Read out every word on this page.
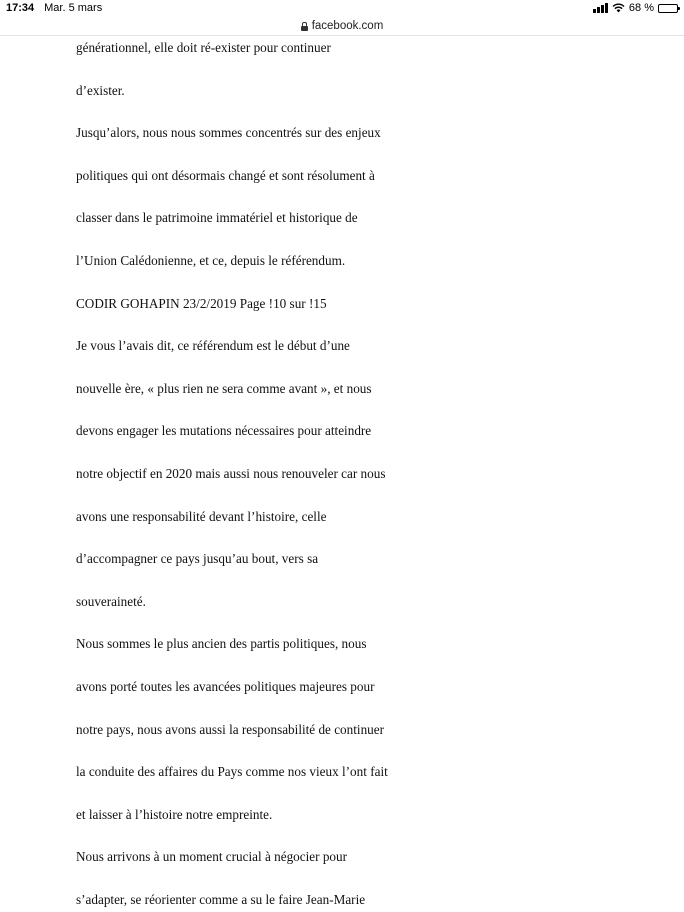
17:34 Mar. 5 mars	68 %
facebook.com
générationnel, elle doit ré-exister pour continuer
d’exister.
Jusqu’alors, nous nous sommes concentrés sur des enjeux
politiques qui ont désormais changé et sont résolument à
classer dans le patrimoine immatériel et historique de
l’Union Calédonienne, et ce, depuis le référendum.
CODIR GOHAPIN 23/2/2019 Page !10 sur !15
Je vous l’avais dit, ce référendum est le début d’une
nouvelle ère, « plus rien ne sera comme avant », et nous
devons engager les mutations nécessaires pour atteindre
notre objectif en 2020 mais aussi nous renouveler car nous
avons une responsabilité devant l’histoire, celle
d’accompagner ce pays jusqu’au bout, vers sa
souveraineté.
Nous sommes le plus ancien des partis politiques, nous
avons porté toutes les avancées politiques majeures pour
notre pays, nous avons aussi la responsabilité de continuer
la conduite des affaires du Pays comme nos vieux l’ont fait
et laisser à l’histoire notre empreinte.
Nous arrivons à un moment crucial à négocier pour
s’adapter, se réorienter comme a su le faire Jean-Marie
